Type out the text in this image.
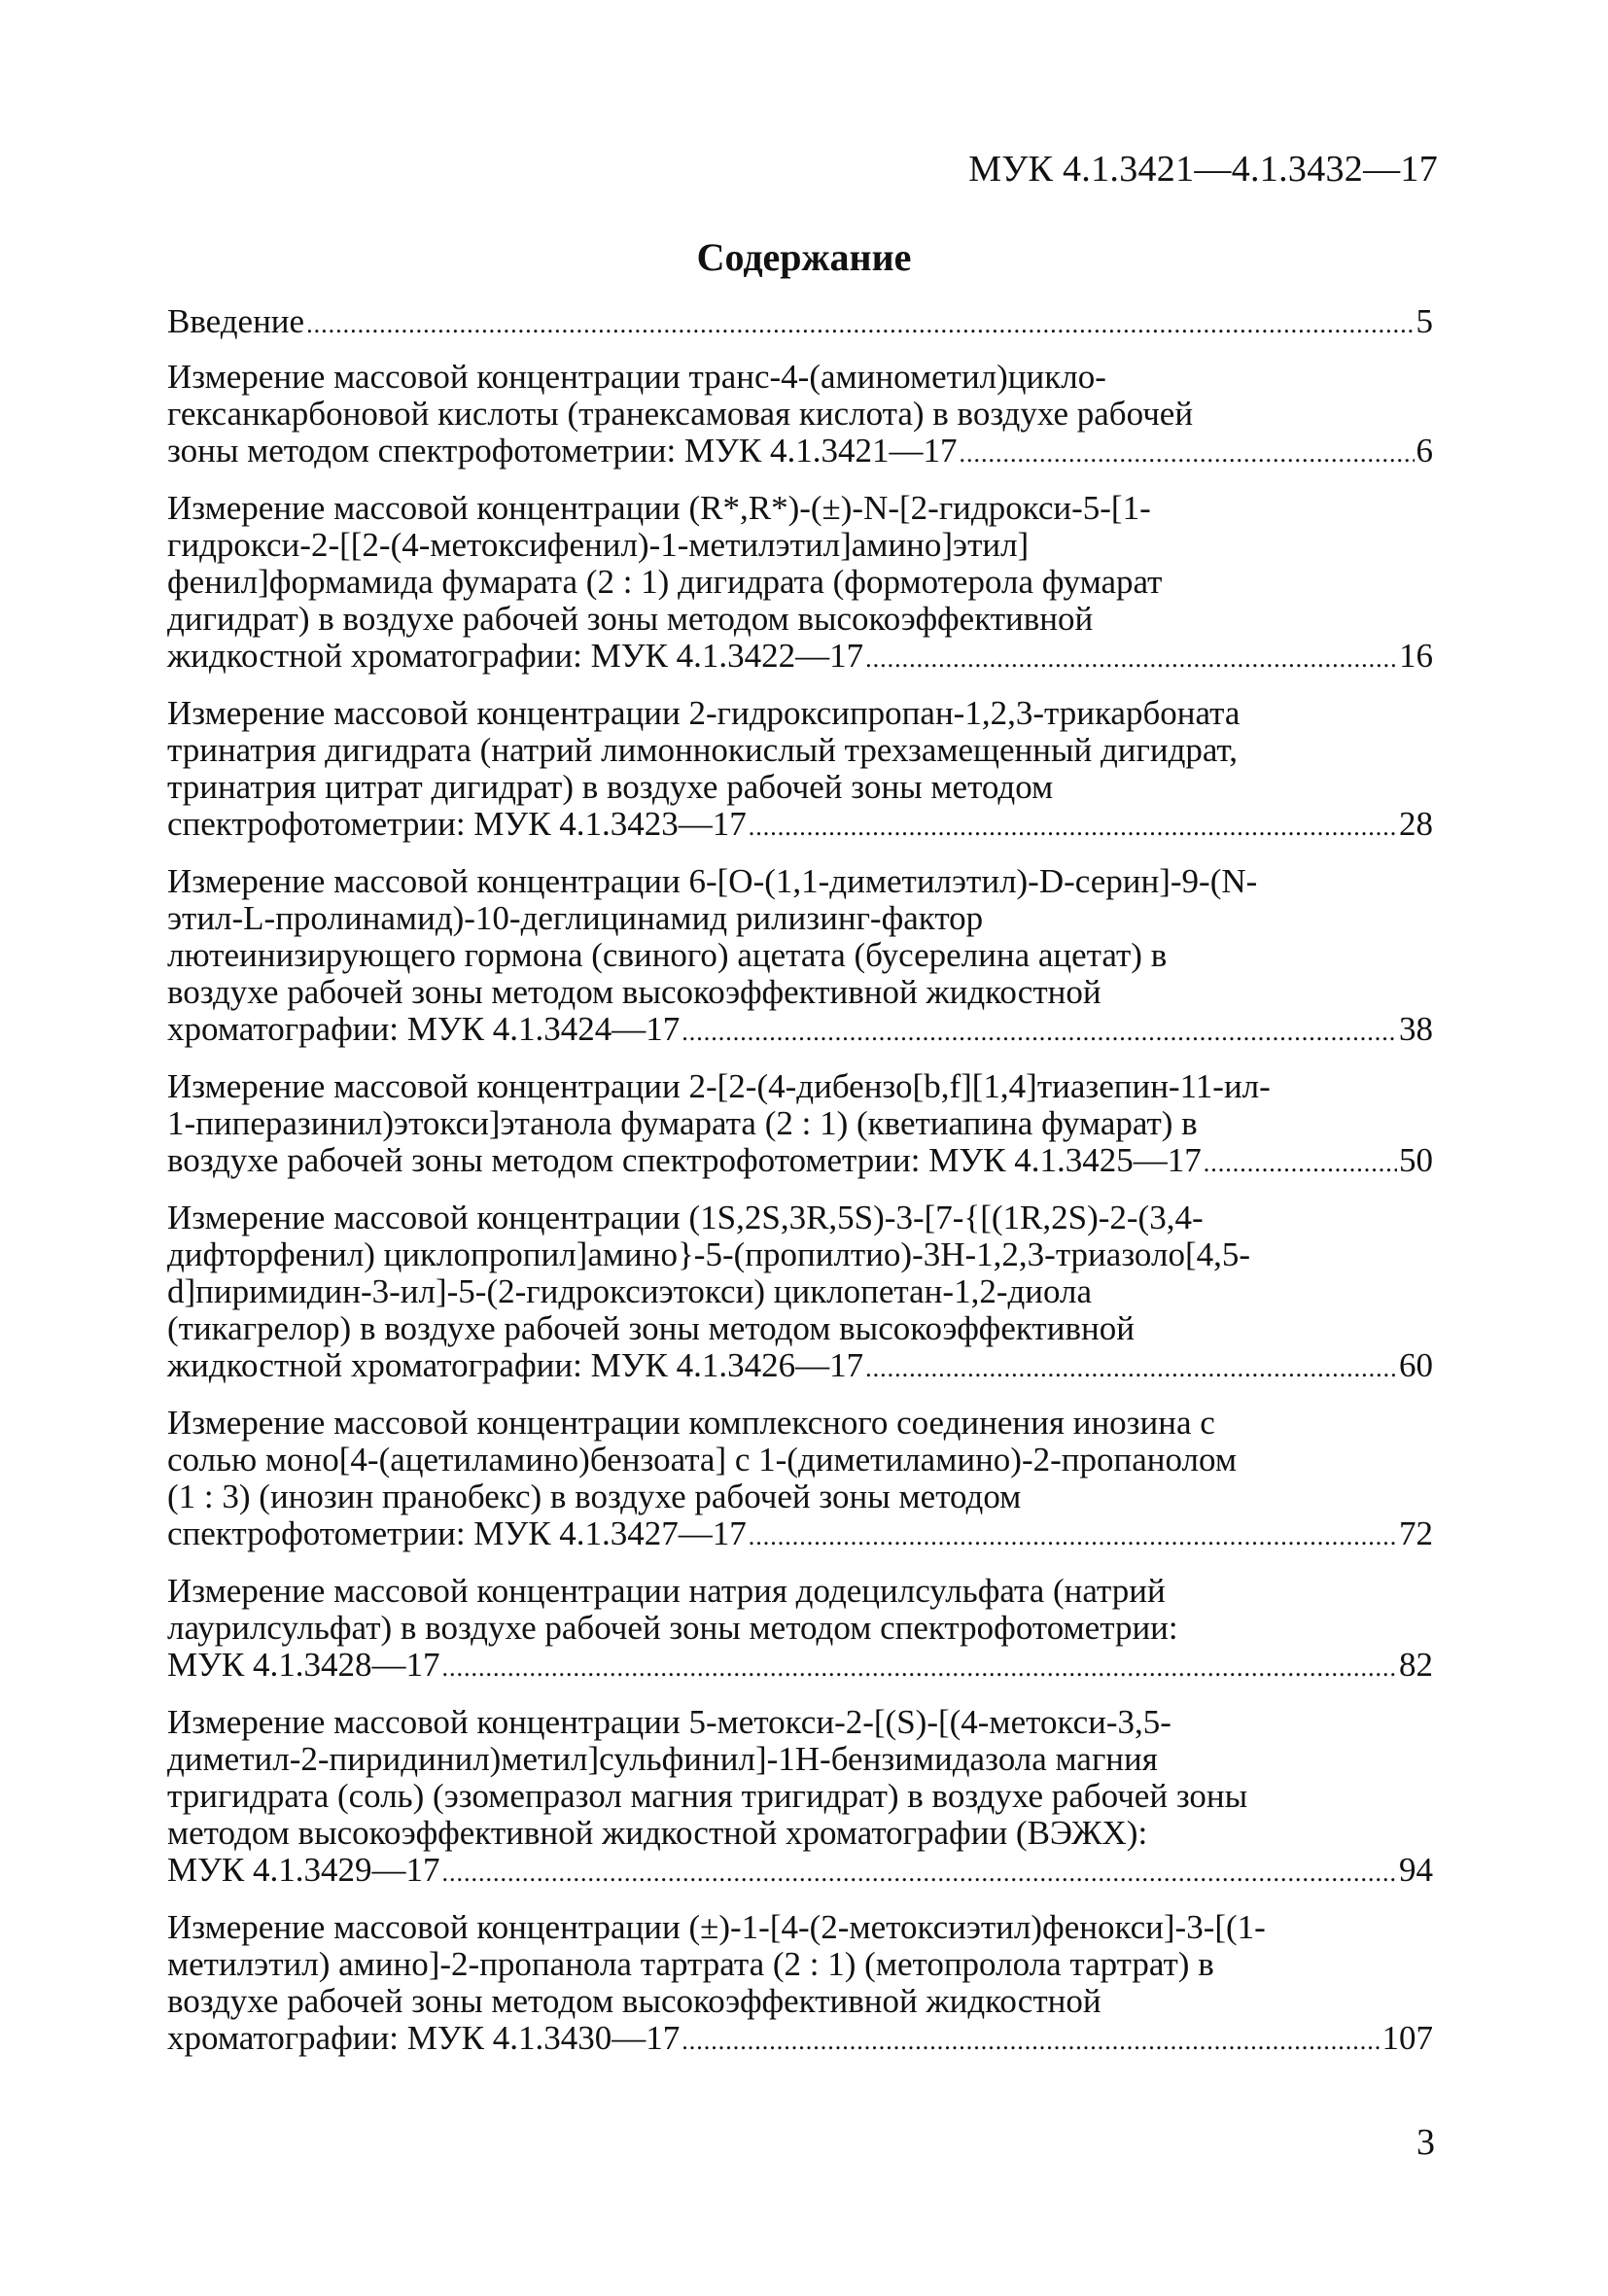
МУК 4.1.3421—4.1.3432—17
Содержание
Введение .....	5
Измерение массовой концентрации транс-4-(аминометил)цикло-
гексанкарбоновой кислоты (транексамовая кислота) в воздухе рабочей
зоны методом спектрофотометрии: МУК 4.1.3421—17 .....	6
Измерение массовой концентрации (R*,R*)-(±)-N-[2-гидрокси-5-[1-
гидрокси-2-[[2-(4-метоксифенил)-1-метилэтил]амино]этил]
фенил]формамида фумарата (2 : 1) дигидрата (формотерола фумарат
дигидрат) в воздухе рабочей зоны методом высокоэффективной
жидкостной хроматографии: МУК 4.1.3422—17 .....	16
Измерение массовой концентрации 2-гидроксипропан-1,2,3-трикарбоната
тринатрия дигидрата (натрий лимоннокислый трехзамещенный дигидрат,
тринатрия цитрат дигидрат) в воздухе рабочей зоны методом
спектрофотометрии: МУК 4.1.3423—17 .....	28
Измерение массовой концентрации 6-[O-(1,1-диметилэтил)-D-серин]-9-(N-
этил-L-пролинамид)-10-деглицинамид рилизинг-фактор
лютеинизирующего гормона (свиного) ацетата (бусерелина ацетат) в
воздухе рабочей зоны методом высокоэффективной жидкостной
хроматографии: МУК 4.1.3424—17 .....	38
Измерение массовой концентрации 2-[2-(4-дибензо[b,f][1,4]тиазепин-11-ил-
1-пиперазинил)этокси]этанола фумарата (2 : 1) (кветиапина фумарат) в
воздухе рабочей зоны методом спектрофотометрии: МУК 4.1.3425—17 .....	50
Измерение массовой концентрации (1S,2S,3R,5S)-3-[7-{[(1R,2S)-2-(3,4-
дифторфенил) циклопропил]амино}-5-(пропилтио)-3Н-1,2,3-триазоло[4,5-
d]пиримидин-3-ил]-5-(2-гидроксиэтокси) циклопетан-1,2-диола
(тикагрелор) в воздухе рабочей зоны методом высокоэффективной
жидкостной хроматографии: МУК 4.1.3426—17 .....	60
Измерение массовой концентрации комплексного соединения инозина с
солью моно[4-(ацетиламино)бензоата] с 1-(диметиламино)-2-пропанолом
(1 : 3) (инозин пранобекс) в воздухе рабочей зоны методом
спектрофотометрии: МУК 4.1.3427—17 .....	72
Измерение массовой концентрации натрия додецилсульфата (натрий
лаурилсульфат) в воздухе рабочей зоны методом спектрофотометрии:
МУК 4.1.3428—17 .....	82
Измерение массовой концентрации 5-метокси-2-[(S)-[(4-метокси-3,5-
диметил-2-пиридинил)метил]сульфинил]-1Н-бензимидазола магния
тригидрата (соль) (эзомепразол магния тригидрат) в воздухе рабочей зоны
методом высокоэффективной жидкостной хроматографии (ВЭЖХ):
МУК 4.1.3429—17 .....	94
Измерение массовой концентрации (±)-1-[4-(2-метоксиэтил)фенокси]-3-[(1-
метилэтил) амино]-2-пропанола тартрата (2 : 1) (метопролола тартрат) в
воздухе рабочей зоны методом высокоэффективной жидкостной
хроматографии: МУК 4.1.3430—17 .....	107
3
